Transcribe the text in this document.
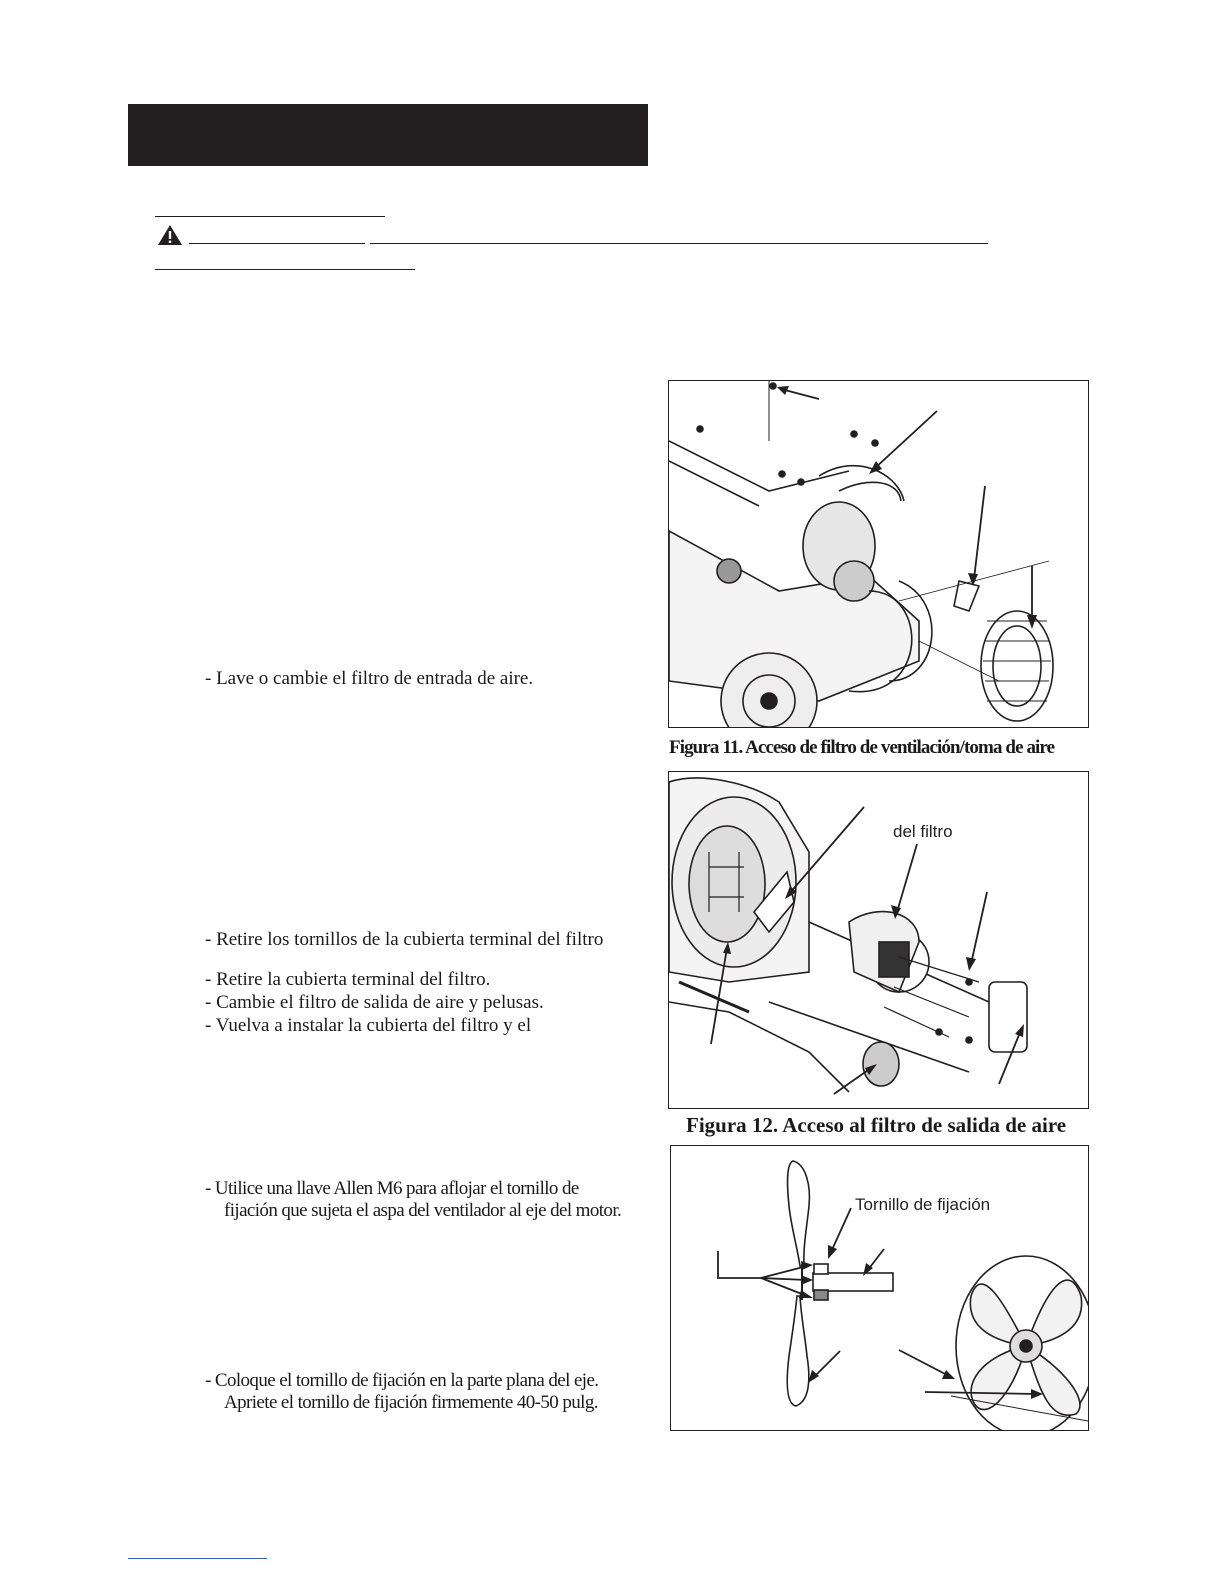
- Lave o cambie el filtro de entrada de aire.
- Retire los tornillos de la cubierta terminal del filtro
- Retire la cubierta terminal del filtro.
- Cambie el filtro de salida de aire y pelusas.
- Vuelva a instalar la cubierta del filtro y el
- Utilice una llave Allen M6 para aflojar el tornillo de
fijación que sujeta el aspa del ventilador al eje del motor.
- Coloque el tornillo de fijación en la parte plana del eje.
Apriete el tornillo de fijación firmemente 40-50 pulg.
Figura 11. Acceso de filtro de ventilación/toma de aire
del filtro
Figura 12. Acceso al filtro de salida de aire
Tornillo de fijación
